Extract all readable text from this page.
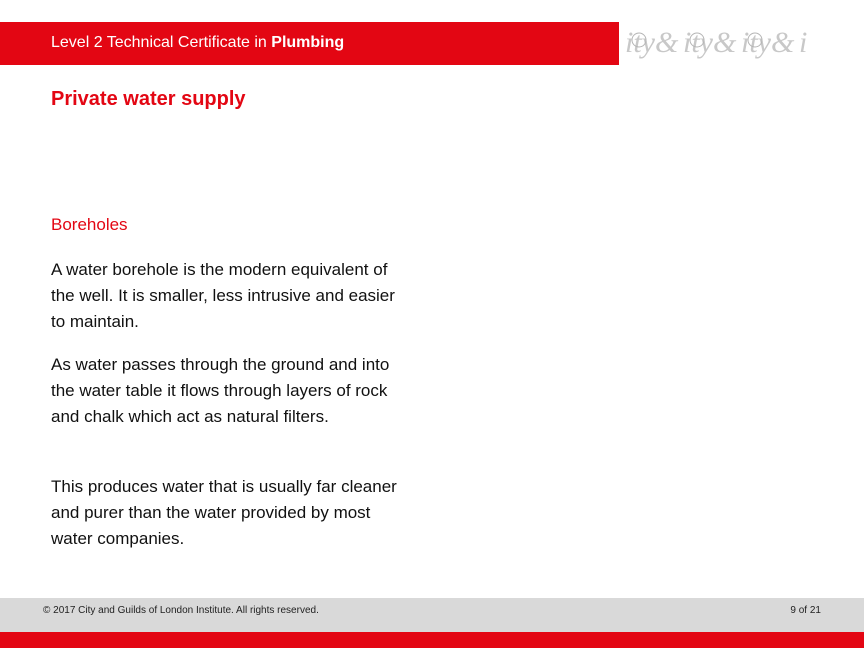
Level 2 Technical Certificate in Plumbing	ity& ity& ity& i
Private water supply
Boreholes
A water borehole is the modern equivalent of the well. It is smaller, less intrusive and easier to maintain.
As water passes through the ground and into the water table it flows through layers of rock and chalk which act as natural filters.
This produces water that is usually far cleaner and purer than the water provided by most water companies.
© 2017 City and Guilds of London Institute. All rights reserved.	9 of 21
